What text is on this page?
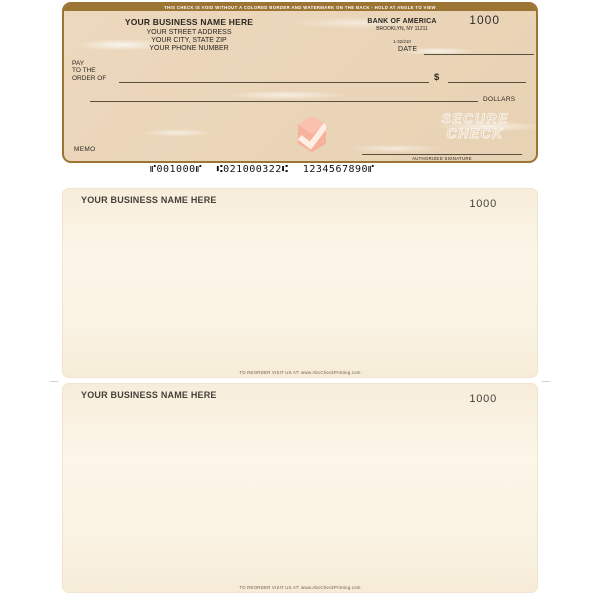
THIS CHECK IS VOID WITHOUT A COLORED BORDER AND WATERMARK ON THE BACK - HOLD AT ANGLE TO VIEW
YOUR BUSINESS NAME HERE
YOUR STREET ADDRESS
YOUR CITY, STATE ZIP
YOUR PHONE NUMBER
BANK OF AMERICA
BROOKLYN, NY 11211
1-32/210
1000
DATE
PAY
TO THE
ORDER OF	$
DOLLARS
MEMO
SECURE
CHECK
AUTHORIZED SIGNATURE
⑈001000⑈ ⑆021000322⑆ 1234567890⑈
YOUR BUSINESS NAME HERE	1000
TO REORDER VISIT US AT: www.AbcCheckPrinting.com
YOUR BUSINESS NAME HERE	1000
TO REORDER VISIT US AT: www.AbcCheckPrinting.com
